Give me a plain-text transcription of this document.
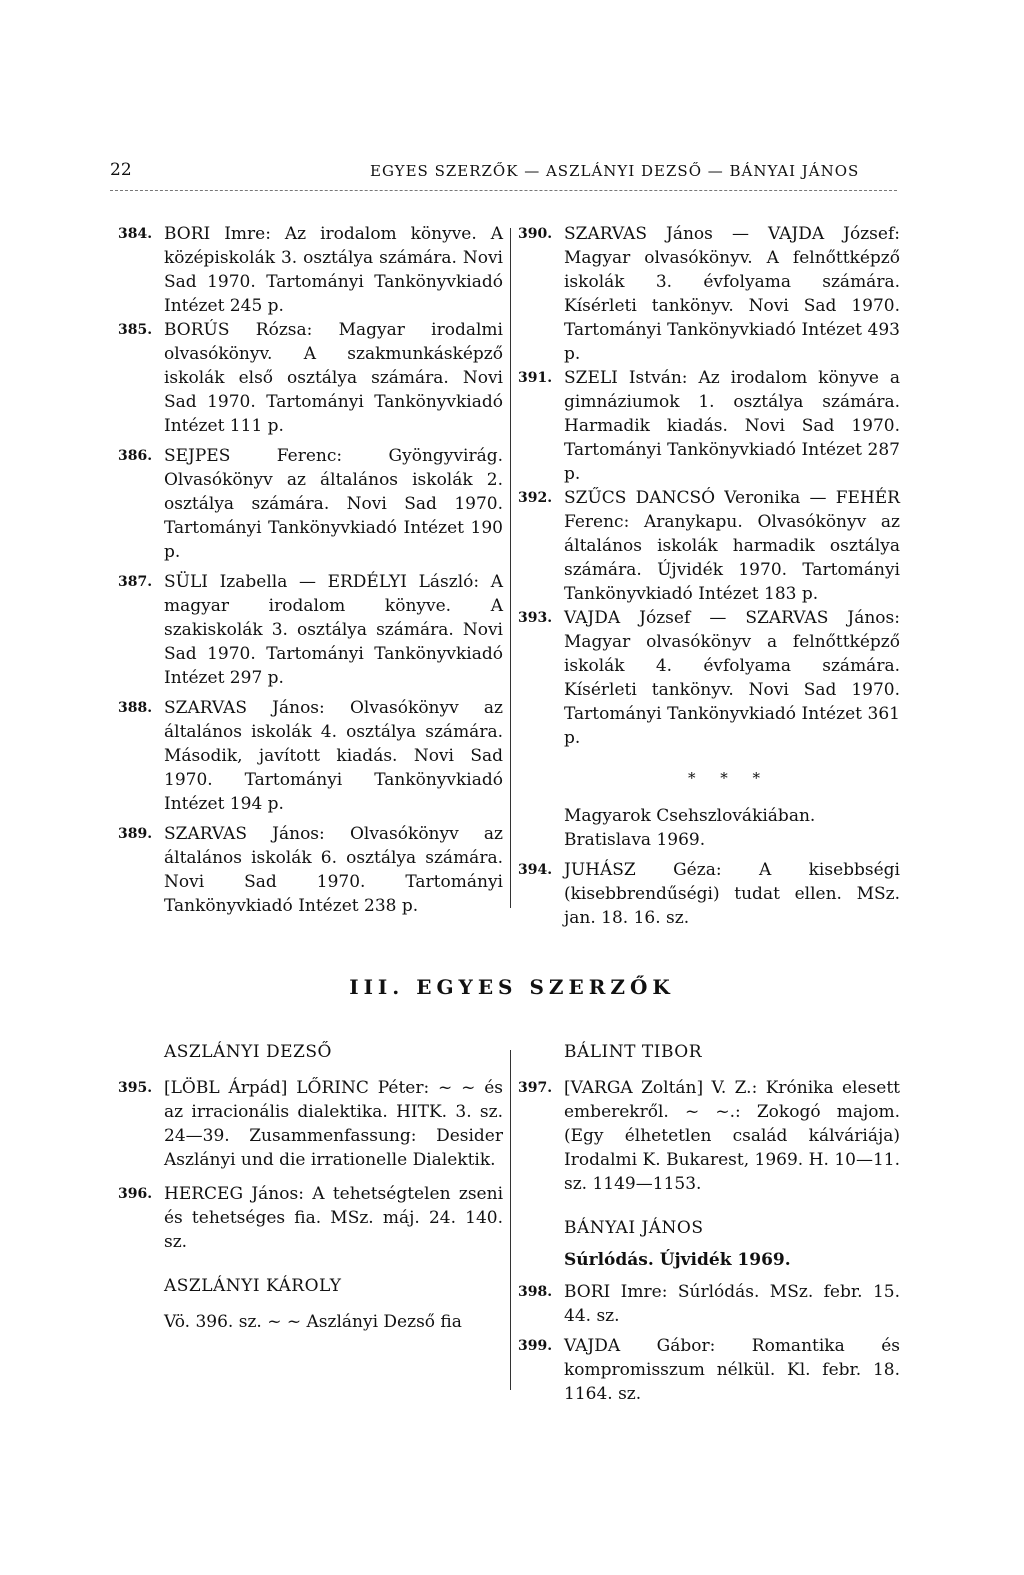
22	EGYES SZERZŐK — ASZLÁNYI DEZSŐ — BÁNYAI JÁNOS
384. BORI Imre: Az irodalom könyve. A középiskolák 3. osztálya számára. Novi Sad 1970. Tartományi Tankönyvkiadó Intézet 245 p.
385. BORÚS Rózsa: Magyar irodalmi olvasókönyv. A szakmunkásképző iskolák első osztálya számára. Novi Sad 1970. Tartományi Tankönyvkiadó Intézet 111 p.
386. SEJPES Ferenc: Gyöngyvirág. Olvasókönyv az általános iskolák 2. osztálya számára. Novi Sad 1970. Tartományi Tankönyvkiadó Intézet 190 p.
387. SÜLI Izabella — ERDÉLYI László: A magyar irodalom könyve. A szakiskolák 3. osztálya számára. Novi Sad 1970. Tartományi Tankönyvkiadó Intézet 297 p.
388. SZARVAS János: Olvasókönyv az általános iskolák 4. osztálya számára. Második, javított kiadás. Novi Sad 1970. Tartományi Tankönyvkiadó Intézet 194 p.
389. SZARVAS János: Olvasókönyv az általános iskolák 6. osztálya számára. Novi Sad 1970. Tartományi Tankönyvkiadó Intézet 238 p.
390. SZARVAS János — VAJDA József: Magyar olvasókönyv. A felnőttképző iskolák 3. évfolyama számára. Kísérleti tankönyv. Novi Sad 1970. Tartományi Tankönyvkiadó Intézet 493 p.
391. SZELI István: Az irodalom könyve a gimnáziumok 1. osztálya számára. Harmadik kiadás. Novi Sad 1970. Tartományi Tankönyvkiadó Intézet 287 p.
392. SZŰCS DANCSÓ Veronika — FEHÉR Ferenc: Aranykapu. Olvasókönyv az általános iskolák harmadik osztálya számára. Újvidék 1970. Tartományi Tankönyvkiadó Intézet 183 p.
393. VAJDA József — SZARVAS János: Magyar olvasókönyv a felnőttképző iskolák 4. évfolyama számára. Kísérleti tankönyv. Novi Sad 1970. Tartományi Tankönyvkiadó Intézet 361 p.
* * *

Magyarok Csehszlovákiában. Bratislava 1969.

394. JUHÁSZ Géza: A kisebbségi (kisebbrendűségi) tudat ellen. MSz. jan. 18. 16. sz.
III. EGYES SZERZŐK

ASZLÁNYI DEZSŐ

395. [LÖBL Árpád] LŐRINC Péter: ~ ~ és az irracionális dialektika. HITK. 3. sz. 24—39. Zusammenfassung: Desider Aszlányi und die irrationelle Dialektik.
396. HERCEG János: A tehetségtelen zseni és tehetséges fia. MSz. máj. 24. 140. sz.

ASZLÁNYI KÁROLY

Vö. 396. sz. ~ ~ Aszlányi Dezső fia

BÁLINT TIBOR

397. [VARGA Zoltán] V. Z.: Krónika elesett emberekről. ~ ~.: Zokogó majom. (Egy élhetetlen család kálváriája) Irodalmi K. Bukarest, 1969. H. 10—11. sz. 1149—1153.

BÁNYAI JÁNOS

Súrlódás. Újvidék 1969.

398. BORI Imre: Súrlódás. MSz. febr. 15. 44. sz.
399. VAJDA Gábor: Romantika és kompromisszum nélkül. Kl. febr. 18. 1164. sz.
